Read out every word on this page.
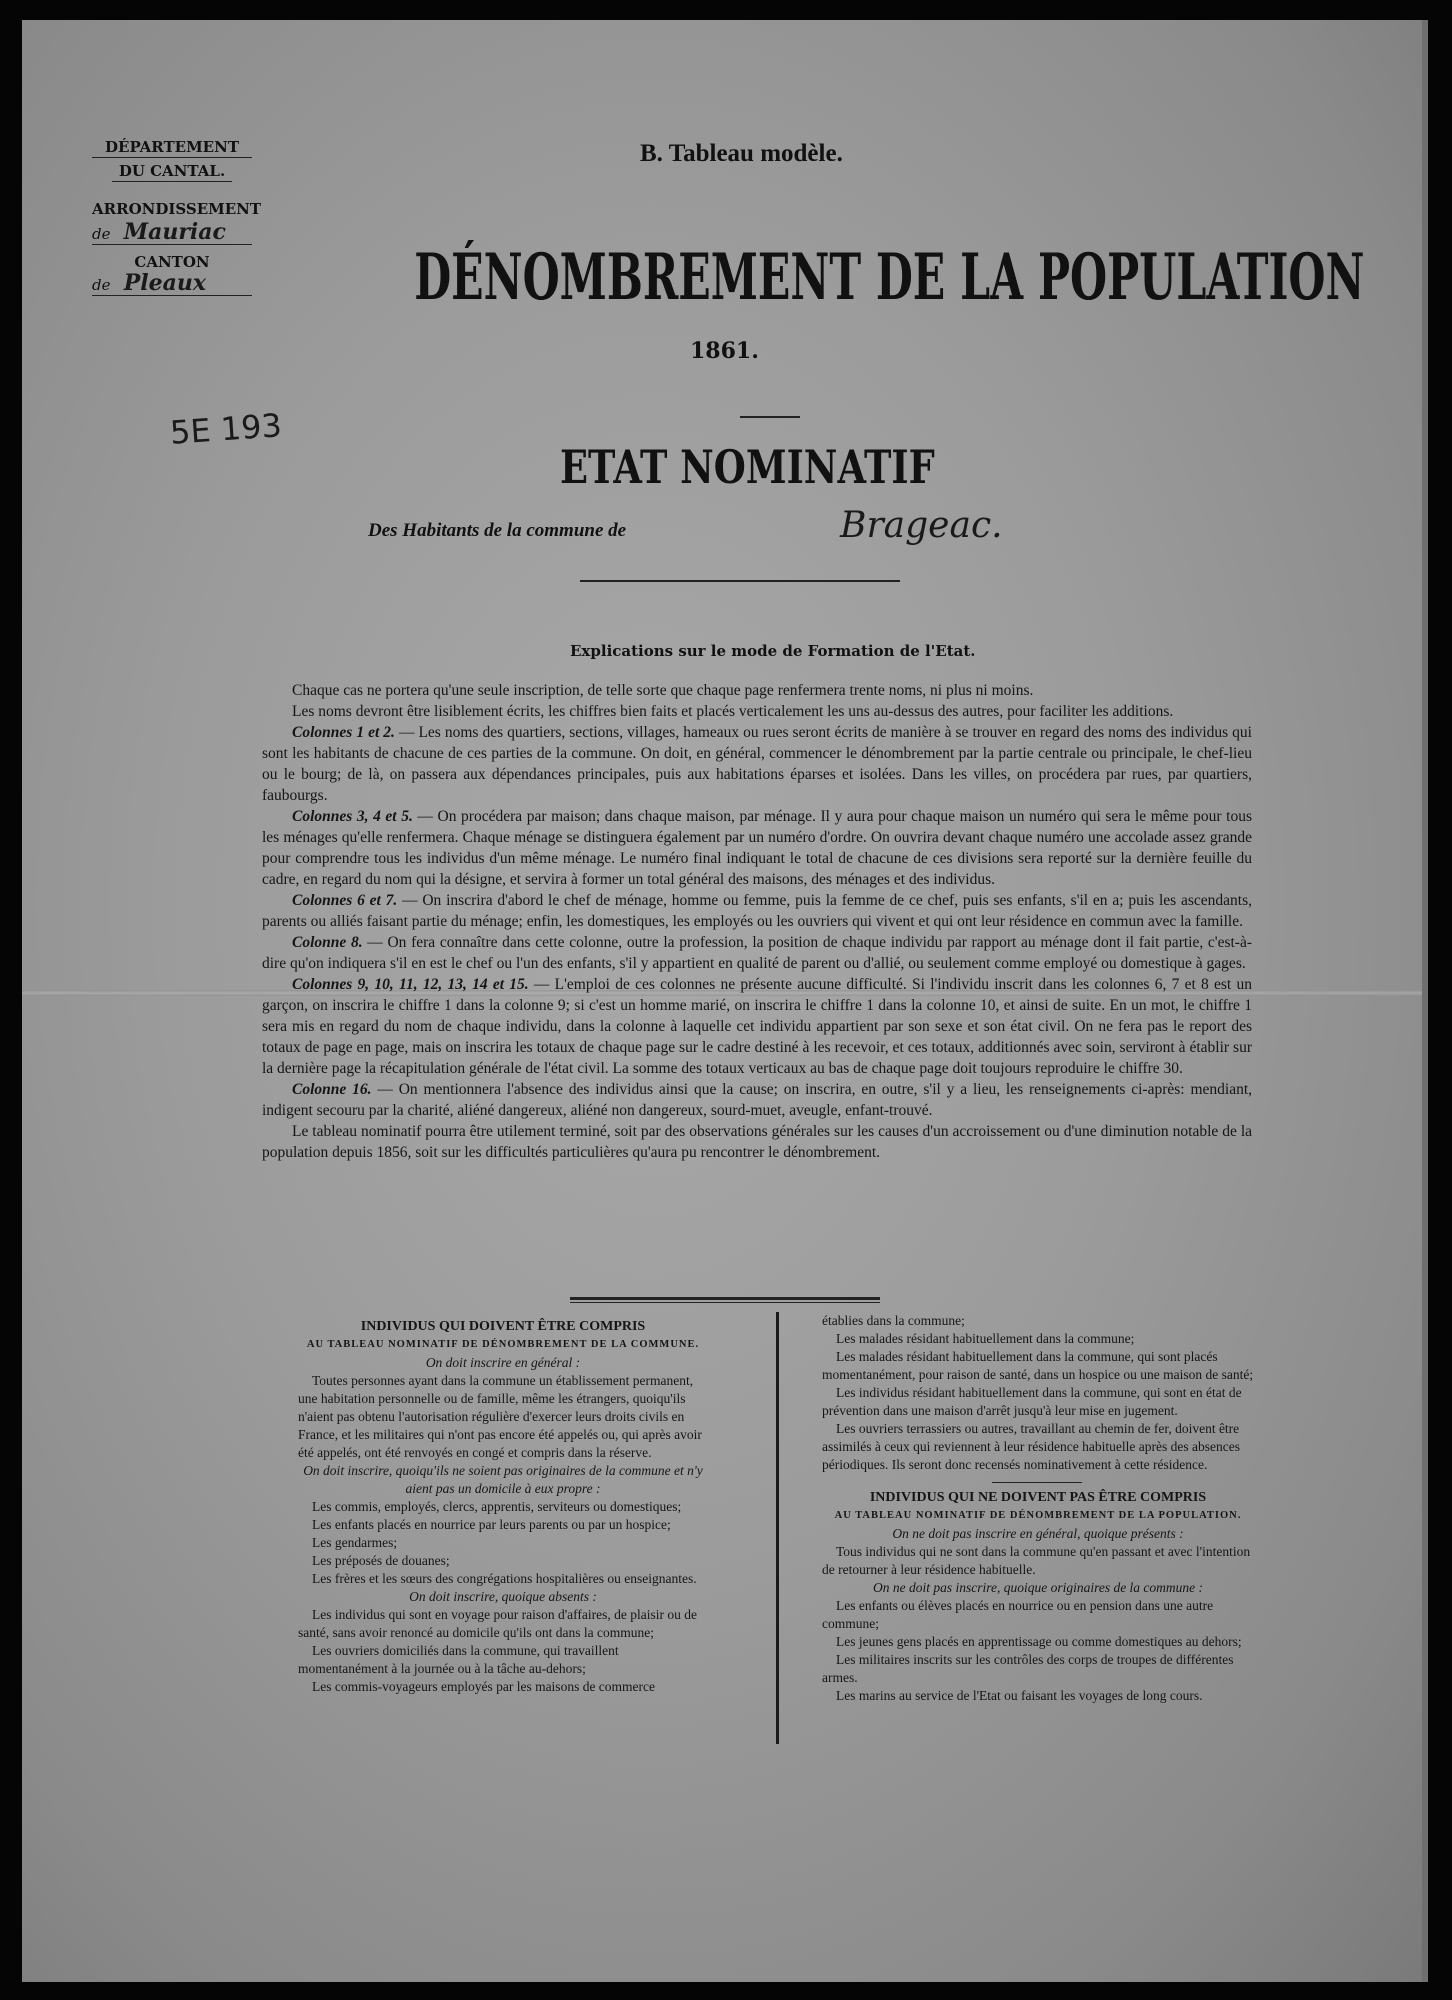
DÉPARTEMENT
DU CANTAL.
ARRONDISSEMENT
de Mauriac
CANTON
de Pleaux
5E 193
B. Tableau modèle.
DÉNOMBREMENT DE LA POPULATION
1861.
ETAT NOMINATIF
Des Habitants de la commune de	Brageac.
Explications sur le mode de Formation de l'Etat.

Chaque cas ne portera qu'une seule inscription, de telle sorte que chaque page renfermera trente noms, ni plus ni moins.

Les noms devront être lisiblement écrits, les chiffres bien faits et placés verticalement les uns au-dessus des autres, pour faciliter les additions.

Colonnes 1 et 2. — Les noms des quartiers, sections, villages, hameaux ou rues seront écrits de manière à se trouver en regard des noms des individus qui sont les habitants de chacune de ces parties de la commune. On doit, en général, commencer le dénombrement par la partie centrale ou principale, le chef-lieu ou le bourg; de là, on passera aux dépendances principales, puis aux habitations éparses et isolées. Dans les villes, on procédera par rues, par quartiers, faubourgs.

Colonnes 3, 4 et 5. — On procédera par maison; dans chaque maison, par ménage. Il y aura pour chaque maison un numéro qui sera le même pour tous les ménages qu'elle renfermera. Chaque ménage se distinguera également par un numéro d'ordre. On ouvrira devant chaque numéro une accolade assez grande pour comprendre tous les individus d'un même ménage. Le numéro final indiquant le total de chacune de ces divisions sera reporté sur la dernière feuille du cadre, en regard du nom qui la désigne, et servira à former un total général des maisons, des ménages et des individus.

Colonnes 6 et 7. — On inscrira d'abord le chef de ménage, homme ou femme, puis la femme de ce chef, puis ses enfants, s'il en a; puis les ascendants, parents ou alliés faisant partie du ménage; enfin, les domestiques, les employés ou les ouvriers qui vivent et qui ont leur résidence en commun avec la famille.

Colonne 8. — On fera connaître dans cette colonne, outre la profession, la position de chaque individu par rapport au ménage dont il fait partie, c'est-à-dire qu'on indiquera s'il en est le chef ou l'un des enfants, s'il y appartient en qualité de parent ou d'allié, ou seulement comme employé ou domestique à gages.

Colonnes 9, 10, 11, 12, 13, 14 et 15. — L'emploi de ces colonnes ne présente aucune difficulté. Si l'individu inscrit dans les colonnes 6, 7 et 8 est un garçon, on inscrira le chiffre 1 dans la colonne 9; si c'est un homme marié, on inscrira le chiffre 1 dans la colonne 10, et ainsi de suite. En un mot, le chiffre 1 sera mis en regard du nom de chaque individu, dans la colonne à laquelle cet individu appartient par son sexe et son état civil. On ne fera pas le report des totaux de page en page, mais on inscrira les totaux de chaque page sur le cadre destiné à les recevoir, et ces totaux, additionnés avec soin, serviront à établir sur la dernière page la récapitulation générale de l'état civil. La somme des totaux verticaux au bas de chaque page doit toujours reproduire le chiffre 30.

Colonne 16. — On mentionnera l'absence des individus ainsi que la cause; on inscrira, en outre, s'il y a lieu, les renseignements ci-après: mendiant, indigent secouru par la charité, aliéné dangereux, aliéné non dangereux, sourd-muet, aveugle, enfant-trouvé.

Le tableau nominatif pourra être utilement terminé, soit par des observations générales sur les causes d'un accroissement ou d'une diminution notable de la population depuis 1856, soit sur les difficultés particulières qu'aura pu rencontrer le dénombrement.

INDIVIDUS QUI DOIVENT ÊTRE COMPRIS
AU TABLEAU NOMINATIF DE DÉNOMBREMENT DE LA COMMUNE.
On doit inscrire en général :

Toutes personnes ayant dans la commune un établissement permanent, une habitation personnelle ou de famille, même les étrangers, quoiqu'ils n'aient pas obtenu l'autorisation régulière d'exercer leurs droits civils en France, et les militaires qui n'ont pas encore été appelés ou, qui après avoir été appelés, ont été renvoyés en congé et compris dans la réserve.

On doit inscrire, quoiqu'ils ne soient pas originaires de la commune et n'y aient pas un domicile à eux propre :

Les commis, employés, clercs, apprentis, serviteurs ou domestiques;

Les enfants placés en nourrice par leurs parents ou par un hospice;

Les gendarmes;

Les préposés de douanes;

Les frères et les sœurs des congrégations hospitalières ou enseignantes.

On doit inscrire, quoique absents :

Les individus qui sont en voyage pour raison d'affaires, de plaisir ou de santé, sans avoir renoncé au domicile qu'ils ont dans la commune;

Les ouvriers domiciliés dans la commune, qui travaillent momentanément à la journée ou à la tâche au-dehors;

Les commis-voyageurs employés par les maisons de commerce

établies dans la commune;

Les malades résidant habituellement dans la commune;

Les malades résidant habituellement dans la commune, qui sont placés momentanément, pour raison de santé, dans un hospice ou une maison de santé;

Les individus résidant habituellement dans la commune, qui sont en état de prévention dans une maison d'arrêt jusqu'à leur mise en jugement.

Les ouvriers terrassiers ou autres, travaillant au chemin de fer, doivent être assimilés à ceux qui reviennent à leur résidence habituelle après des absences périodiques. Ils seront donc recensés nominativement à cette résidence.

INDIVIDUS QUI NE DOIVENT PAS ÊTRE COMPRIS
AU TABLEAU NOMINATIF DE DÉNOMBREMENT DE LA POPULATION.
On ne doit pas inscrire en général, quoique présents :

Tous individus qui ne sont dans la commune qu'en passant et avec l'intention de retourner à leur résidence habituelle.

On ne doit pas inscrire, quoique originaires de la commune :

Les enfants ou élèves placés en nourrice ou en pension dans une autre commune;

Les jeunes gens placés en apprentissage ou comme domestiques au dehors;

Les militaires inscrits sur les contrôles des corps de troupes de différentes armes.

Les marins au service de l'Etat ou faisant les voyages de long cours.
